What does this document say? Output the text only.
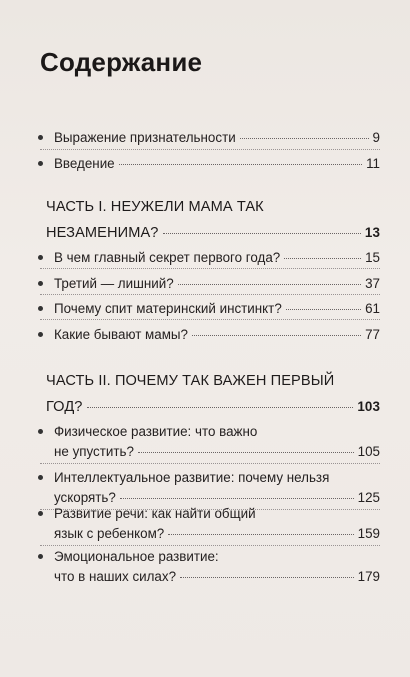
Содержание
Выражение признательности	9
Введение	11
ЧАСТЬ I. НЕУЖЕЛИ МАМА ТАК
НЕЗАМЕНИМА?	13
В чем главный секрет первого года?	15
Третий — лишний?	37
Почему спит материнский инстинкт?	61
Какие бывают мамы?	77
ЧАСТЬ II. ПОЧЕМУ ТАК ВАЖЕН ПЕРВЫЙ
ГОД?	103
Физическое развитие: что важно
не упустить?	105
Интеллектуальное развитие: почему нельзя
ускорять?	125
Развитие речи: как найти общий
язык с ребенком?	159
Эмоциональное развитие:
что в наших силах?	179
